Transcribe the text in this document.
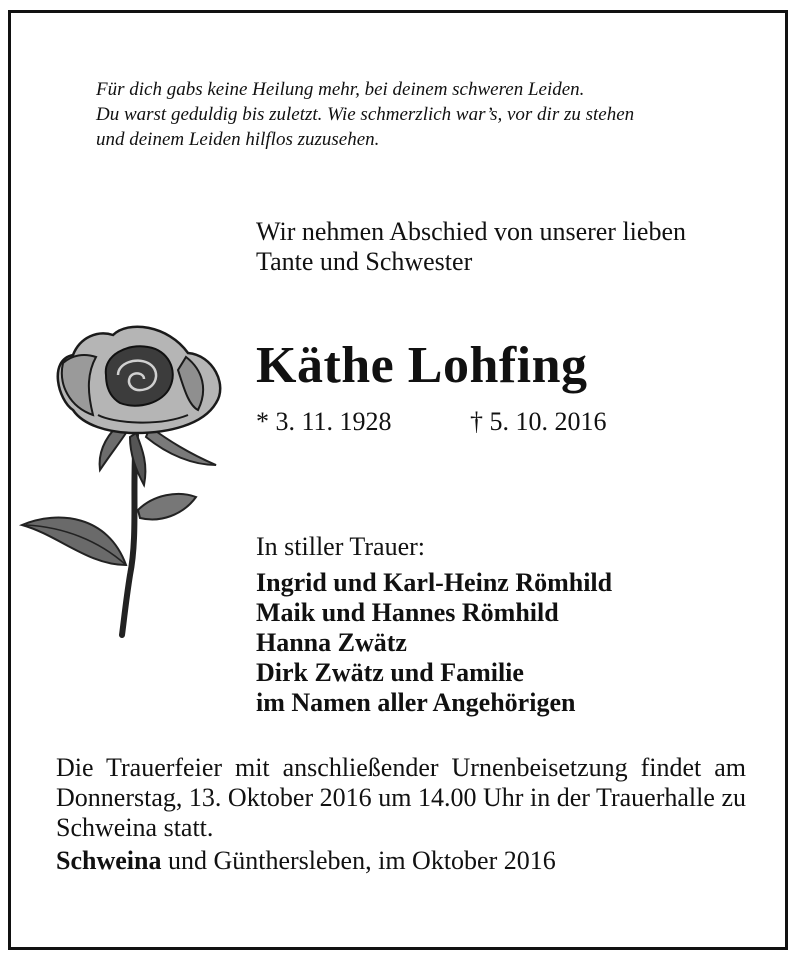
Für dich gabs keine Heilung mehr, bei deinem schweren Leiden.
Du warst geduldig bis zuletzt. Wie schmerzlich war’s, vor dir zu stehen
und deinem Leiden hilflos zuzusehen.
Wir nehmen Abschied von unserer lieben
Tante und Schwester
Käthe Lohfing
* 3. 11. 1928	† 5. 10. 2016
In stiller Trauer:
Ingrid und Karl-Heinz Römhild
Maik und Hannes Römhild
Hanna Zwätz
Dirk Zwätz und Familie
im Namen aller Angehörigen
Die Trauerfeier mit anschließender Urnenbeisetzung findet am Donnerstag, 13. Oktober 2016 um 14.00 Uhr in der Trauerhalle zu Schweina statt.
Schweina und Günthersleben, im Oktober 2016
